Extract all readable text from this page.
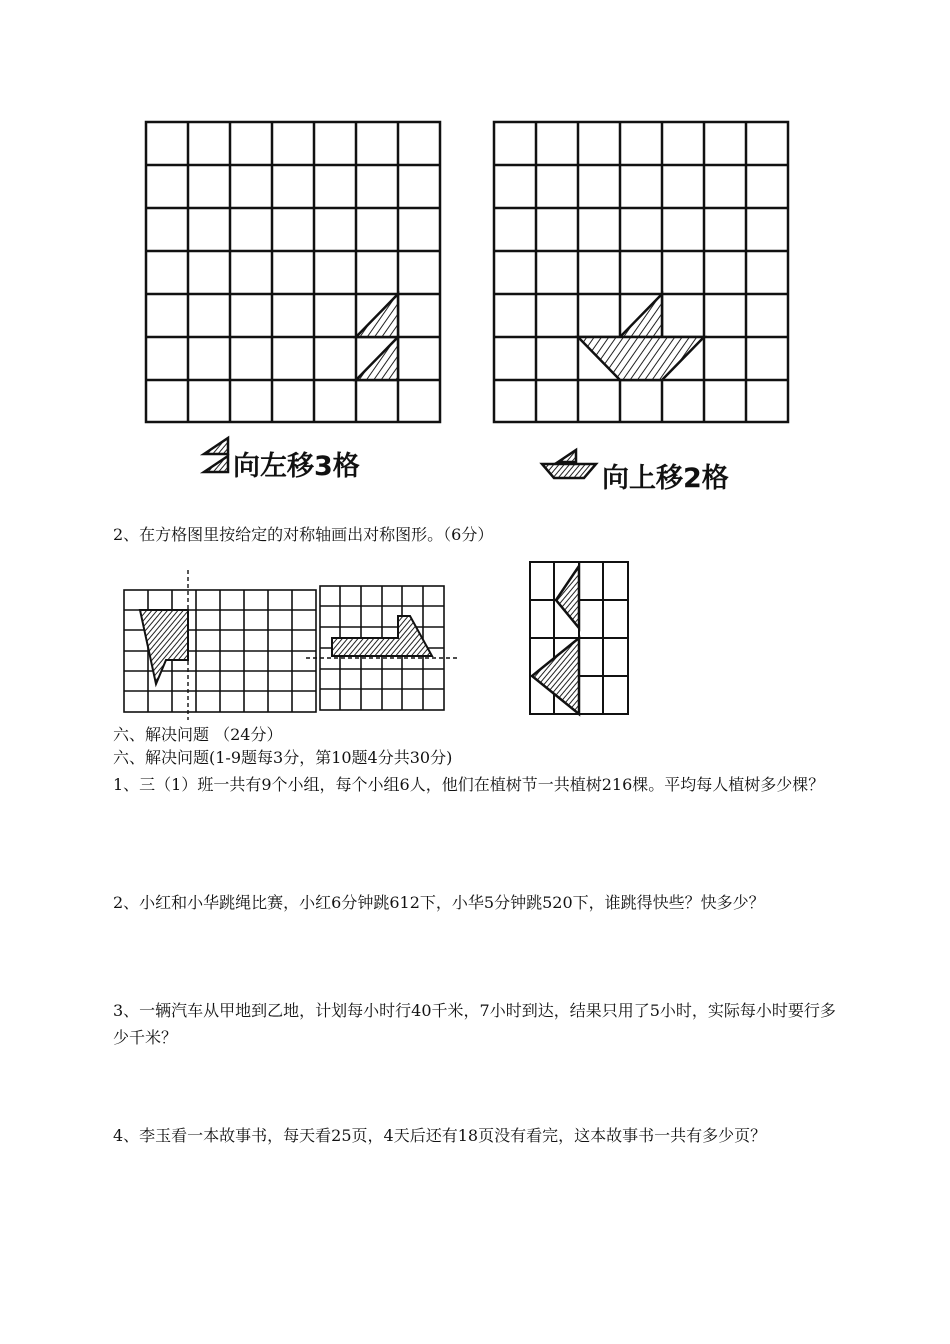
向左移3格	向上移2格
2、在方格图里按给定的对称轴画出对称图形。（6分）
六、解决问题 （24分）
六、解决问题(1-9题每3分，第10题4分共30分)
1、三（1）班一共有9个小组，每个小组6人，他们在植树节一共植树216棵。平均每人植树多少棵？
2、小红和小华跳绳比赛，小红6分钟跳612下，小华5分钟跳520下，谁跳得快些？快多少？
3、一辆汽车从甲地到乙地，计划每小时行40千米，7小时到达，结果只用了5小时，实际每小时要行多少千米？
4、李玉看一本故事书，每天看25页，4天后还有18页没有看完，这本故事书一共有多少页？
